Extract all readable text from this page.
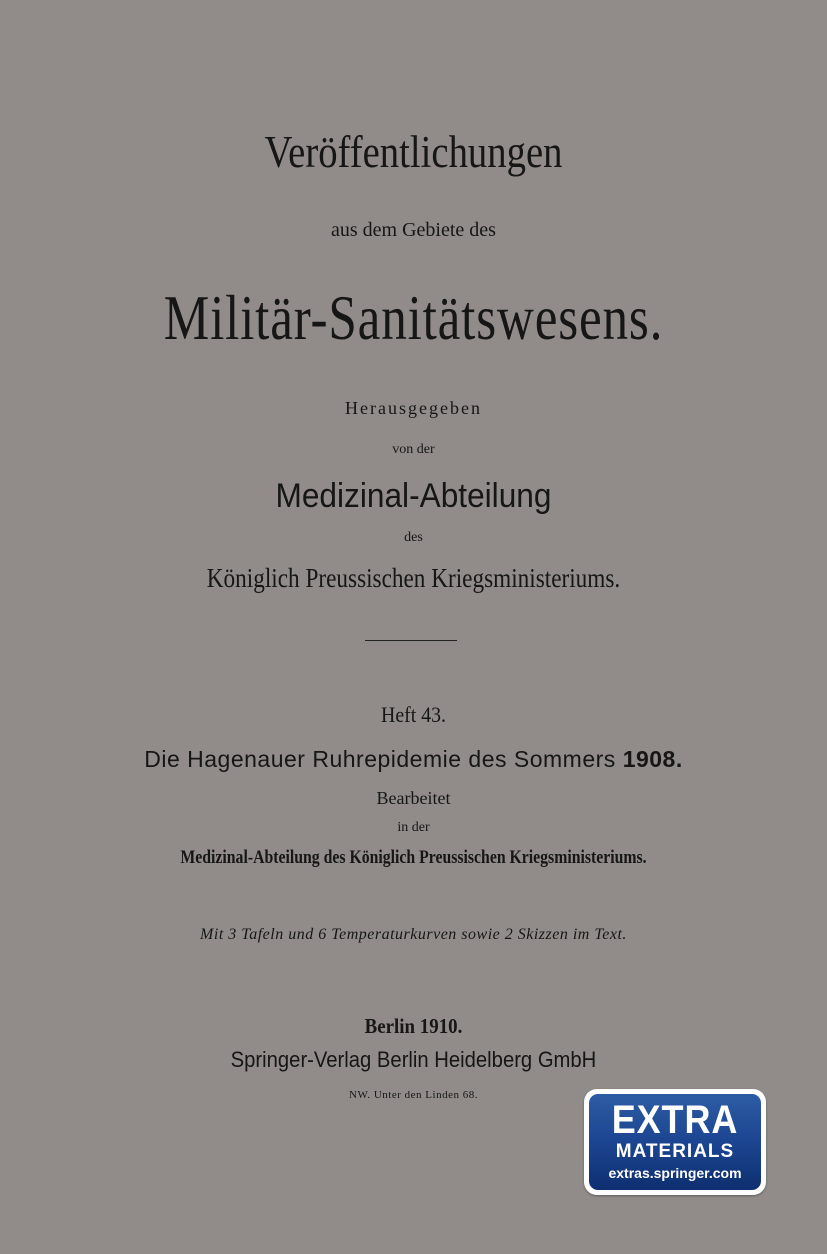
Veröffentlichungen
aus dem Gebiete des
Militär-Sanitätswesens.
Herausgegeben
von der
Medizinal-Abteilung
des
Königlich Preussischen Kriegsministeriums.
Heft 43.
Die Hagenauer Ruhrepidemie des Sommers 1908.
Bearbeitet
in der
Medizinal-Abteilung des Königlich Preussischen Kriegsministeriums.
Mit 3 Tafeln und 6 Temperaturkurven sowie 2 Skizzen im Text.
Berlin 1910.
Springer-Verlag Berlin Heidelberg GmbH
NW. Unter den Linden 68.
EXTRA
MATERIALS
extras.springer.com
